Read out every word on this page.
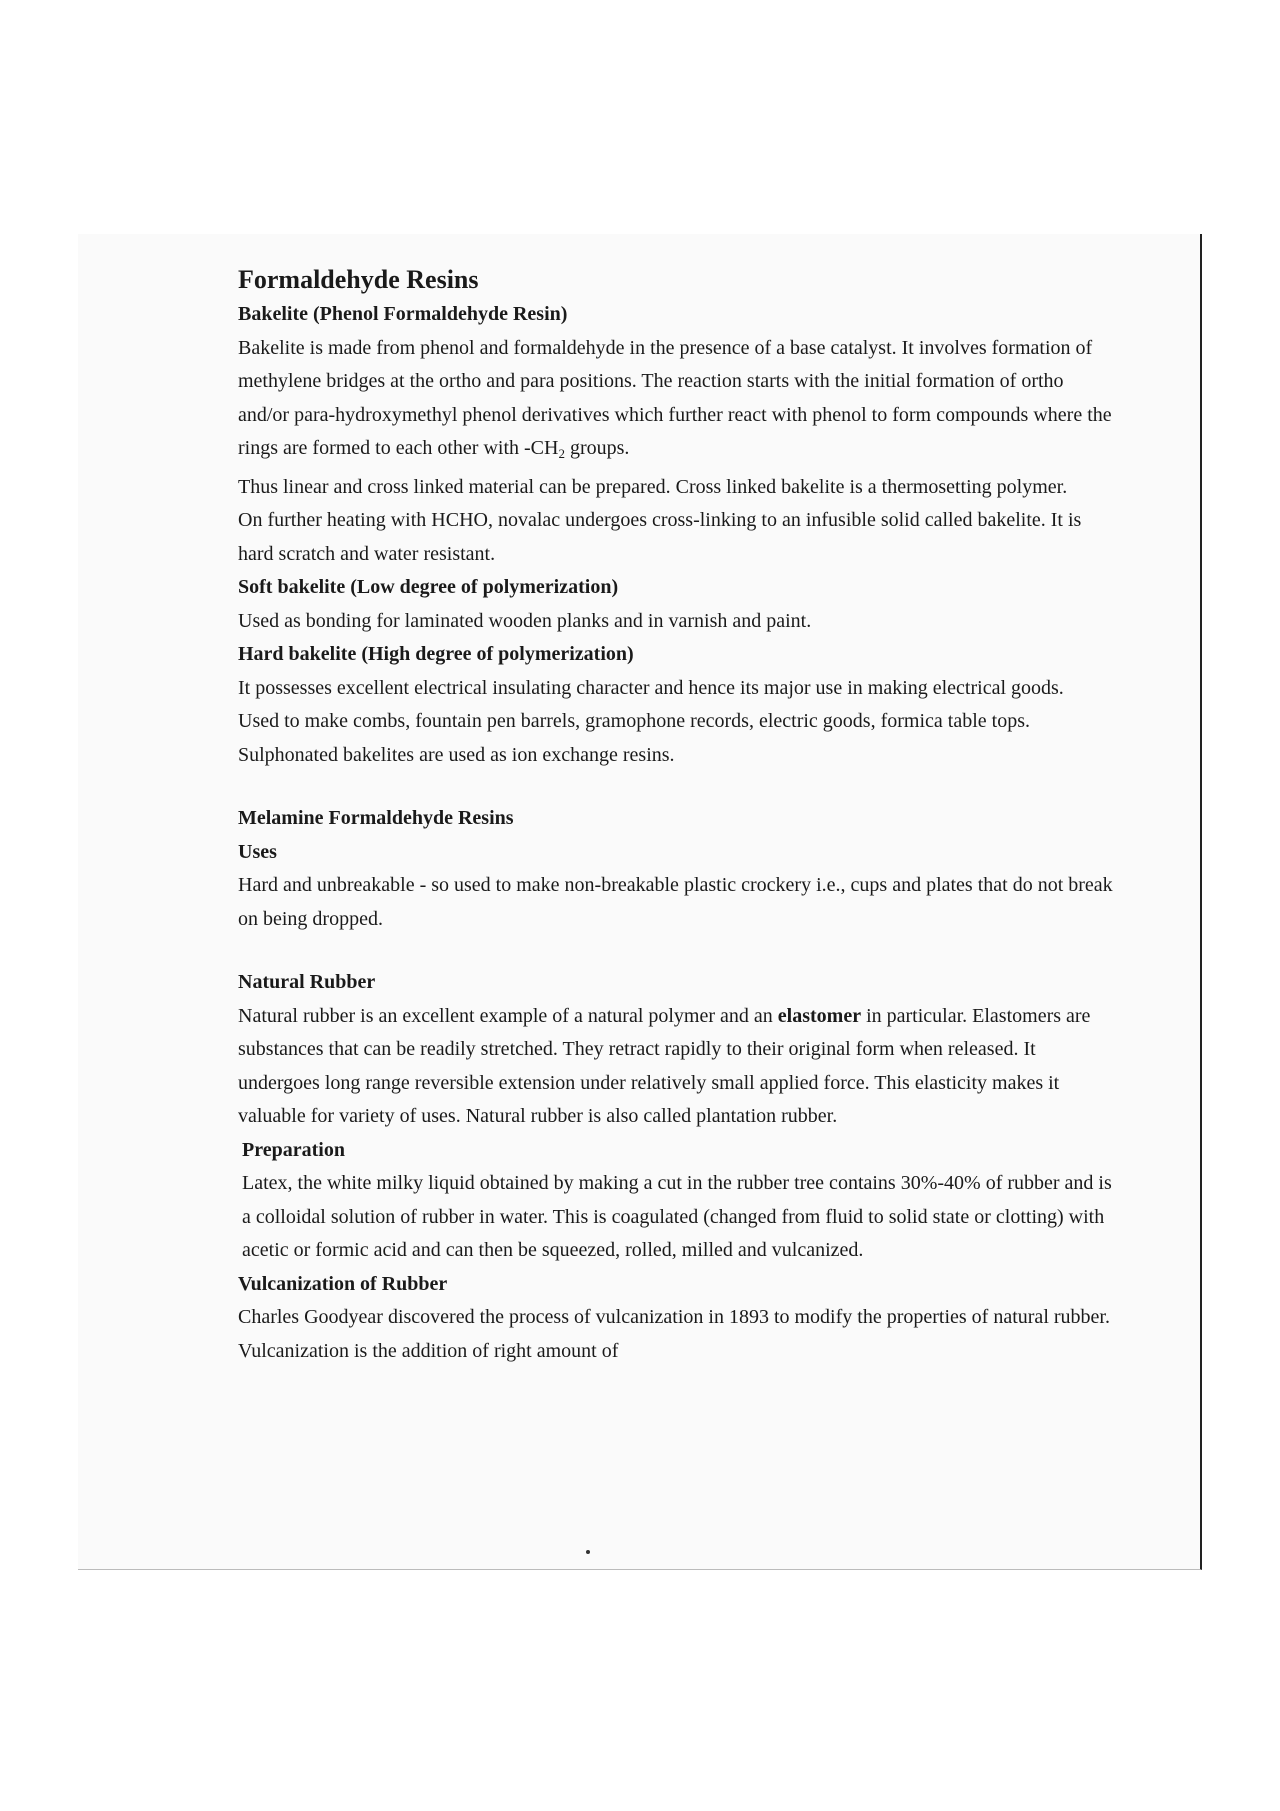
Formaldehyde Resins

Bakelite (Phenol Formaldehyde Resin)

Bakelite is made from phenol and formaldehyde in the presence of a base catalyst. It involves formation of methylene bridges at the ortho and para positions. The reaction starts with the initial formation of ortho and/or para-hydroxymethyl phenol derivatives which further react with phenol to form compounds where the rings are formed to each other with $-CH_2$ groups.

Thus linear and cross linked material can be prepared. Cross linked bakelite is a thermosetting polymer.

On further heating with HCHO, novalac undergoes cross-linking to an infusible solid called bakelite. It is hard scratch and water resistant.

Soft bakelite (Low degree of polymerization)

Used as bonding for laminated wooden planks and in varnish and paint.

Hard bakelite (High degree of polymerization)

It possesses excellent electrical insulating character and hence its major use in making electrical goods.

Used to make combs, fountain pen barrels, gramophone records, electric goods, formica table tops. Sulphonated bakelites are used as ion exchange resins.

Melamine Formaldehyde Resins

Uses

Hard and unbreakable - so used to make non-breakable plastic crockery i.e., cups and plates that do not break on being dropped.

Natural Rubber

Natural rubber is an excellent example of a natural polymer and an elastomer in particular. Elastomers are substances that can be readily stretched. They retract rapidly to their original form when released. It undergoes long range reversible extension under relatively small applied force. This elasticity makes it valuable for variety of uses. Natural rubber is also called plantation rubber.

Preparation

Latex, the white milky liquid obtained by making a cut in the rubber tree contains 30%-40% of rubber and is a colloidal solution of rubber in water. This is coagulated (changed from fluid to solid state or clotting) with acetic or formic acid and can then be squeezed, rolled, milled and vulcanized.

Vulcanization of Rubber

Charles Goodyear discovered the process of vulcanization in 1893 to modify the properties of natural rubber. Vulcanization is the addition of right amount of
